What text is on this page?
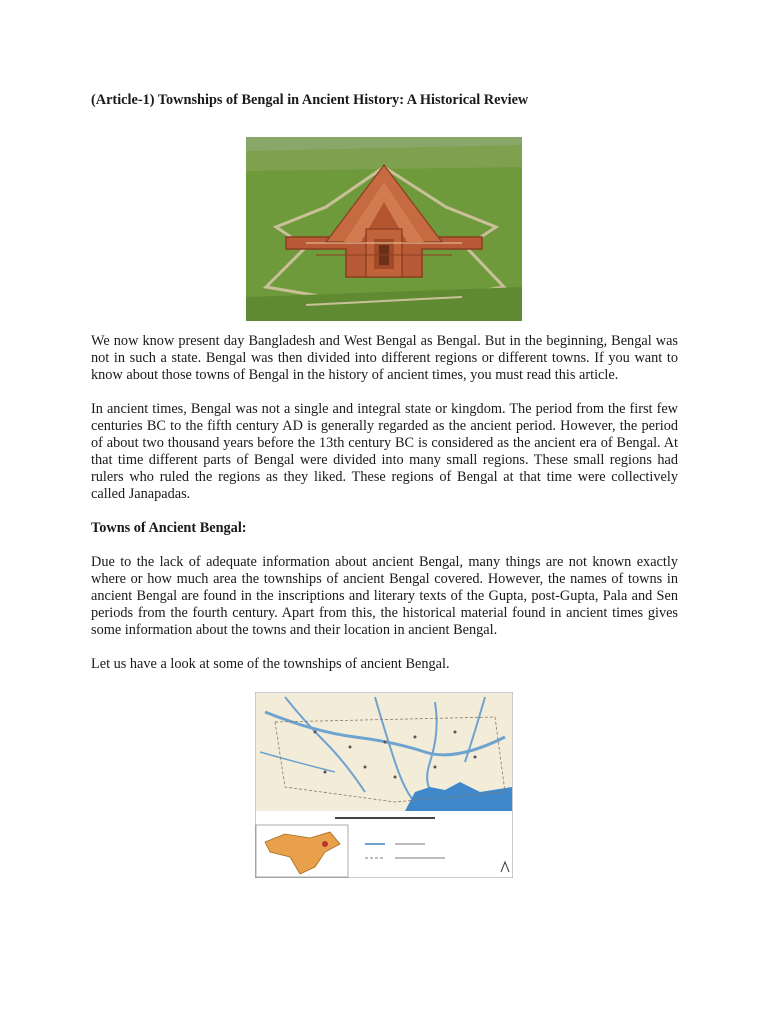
(Article-1) Townships of Bengal in Ancient History: A Historical Review

We now know present day Bangladesh and West Bengal as Bengal. But in the beginning, Bengal was not in such a state. Bengal was then divided into different regions or different towns. If you want to know about those towns of Bengal in the history of ancient times, you must read this article.

In ancient times, Bengal was not a single and integral state or kingdom. The period from the first few centuries BC to the fifth century AD is generally regarded as the ancient period. However, the period of about two thousand years before the 13th century BC is considered as the ancient era of Bengal. At that time different parts of Bengal were divided into many small regions. These small regions had rulers who ruled the regions as they liked. These regions of Bengal at that time were collectively called Janapadas.

Towns of Ancient Bengal:

Due to the lack of adequate information about ancient Bengal, many things are not known exactly where or how much area the townships of ancient Bengal covered. However, the names of towns in ancient Bengal are found in the inscriptions and literary texts of the Gupta, post-Gupta, Pala and Sen periods from the fourth century. Apart from this, the historical material found in ancient times gives some information about the towns and their location in ancient Bengal.

Let us have a look at some of the townships of ancient Bengal.
